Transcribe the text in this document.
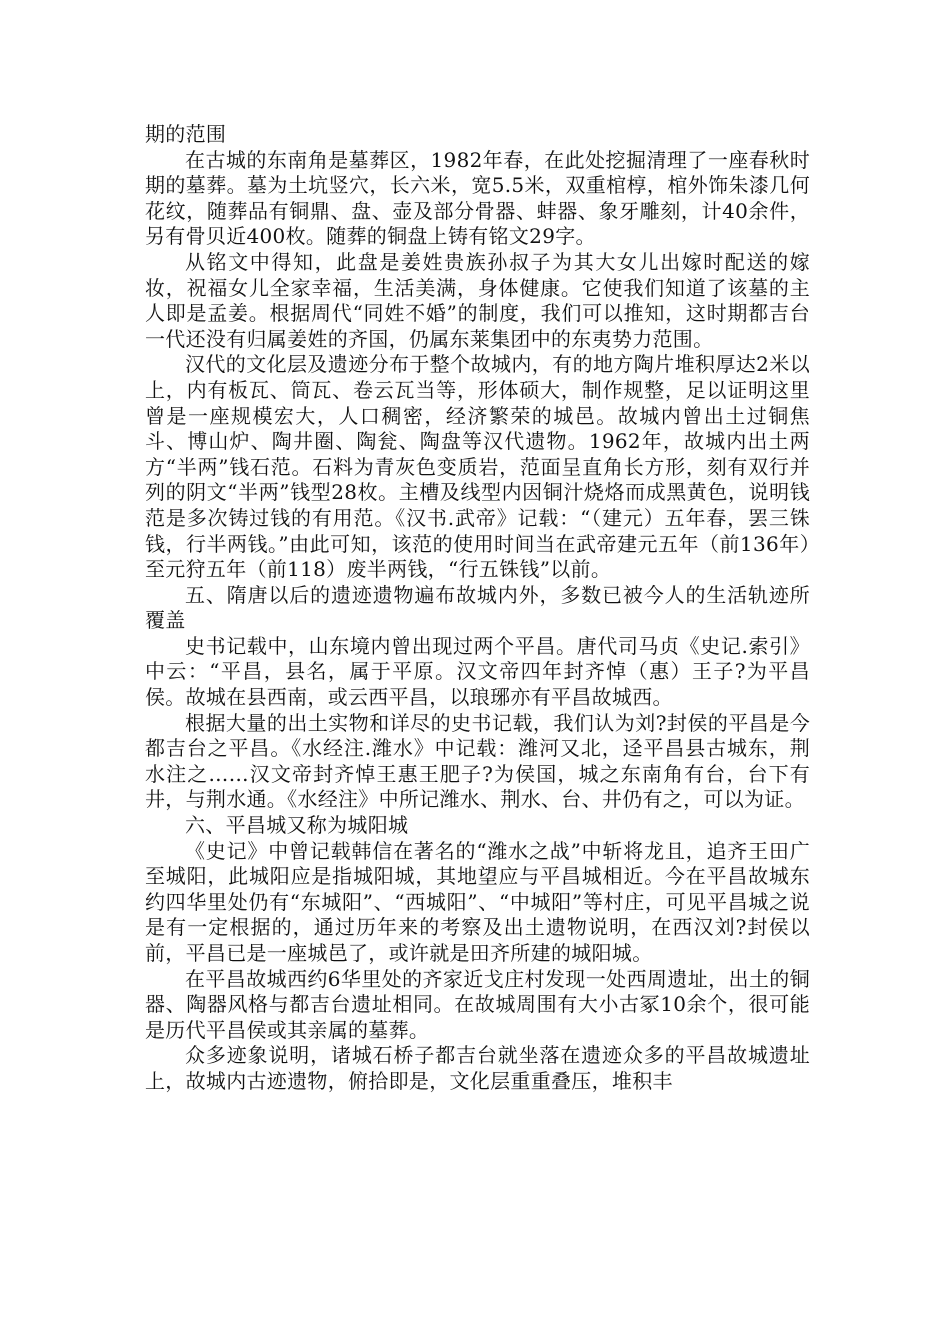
期的范围

在古城的东南角是墓葬区，1982年春，在此处挖掘清理了一座春秋时期的墓葬。墓为土坑竖穴，长六米，宽5.5米，双重棺椁，棺外饰朱漆几何花纹，随葬品有铜鼎、盘、壶及部分骨器、蚌器、象牙雕刻，计40余件，另有骨贝近400枚。随葬的铜盘上铸有铭文29字。

从铭文中得知，此盘是姜姓贵族孙叔子为其大女儿出嫁时配送的嫁妆，祝福女儿全家幸福，生活美满，身体健康。它使我们知道了该墓的主人即是孟姜。根据周代“同姓不婚”的制度，我们可以推知，这时期都吉台一代还没有归属姜姓的齐国，仍属东莱集团中的东夷势力范围。

汉代的文化层及遗迹分布于整个故城内，有的地方陶片堆积厚达2米以上，内有板瓦、筒瓦、卷云瓦当等，形体硕大，制作规整，足以证明这里曾是一座规模宏大，人口稠密，经济繁荣的城邑。故城内曾出土过铜焦斗、博山炉、陶井圈、陶瓮、陶盘等汉代遗物。1962年，故城内出土两方“半两”钱石范。石料为青灰色变质岩，范面呈直角长方形，刻有双行并列的阴文“半两”钱型28枚。主槽及线型内因铜汁烧烙而成黑黄色，说明钱范是多次铸过钱的有用范。《汉书.武帝》记载：“（建元）五年春，罢三铢钱，行半两钱。”由此可知，该范的使用时间当在武帝建元五年（前136年）至元狩五年（前118）废半两钱，“行五铢钱”以前。

五、隋唐以后的遗迹遗物遍布故城内外，多数已被今人的生活轨迹所覆盖

史书记载中，山东境内曾出现过两个平昌。唐代司马贞《史记.索引》中云：“平昌，县名，属于平原。汉文帝四年封齐悼（惠）王子?为平昌侯。故城在县西南，或云西平昌，以琅琊亦有平昌故城西。

根据大量的出土实物和详尽的史书记载，我们认为刘?封侯的平昌是今都吉台之平昌。《水经注.潍水》中记载：潍河又北，迳平昌县古城东，荆水注之……汉文帝封齐悼王惠王肥子?为侯国，城之东南角有台，台下有井，与荆水通。《水经注》中所记潍水、荆水、台、井仍有之，可以为证。

六、平昌城又称为城阳城

《史记》中曾记载韩信在著名的“潍水之战”中斩将龙且，追齐王田广至城阳，此城阳应是指城阳城，其地望应与平昌城相近。今在平昌故城东约四华里处仍有“东城阳”、“西城阳”、“中城阳”等村庄，可见平昌城之说是有一定根据的，通过历年来的考察及出土遗物说明，在西汉刘?封侯以前，平昌已是一座城邑了，或许就是田齐所建的城阳城。

在平昌故城西约6华里处的齐家近戈庄村发现一处西周遗址，出土的铜器、陶器风格与都吉台遗址相同。在故城周围有大小古冢10余个，很可能是历代平昌侯或其亲属的墓葬。

众多迹象说明，诸城石桥子都吉台就坐落在遗迹众多的平昌故城遗址上，故城内古迹遗物，俯拾即是，文化层重重叠压，堆积丰
